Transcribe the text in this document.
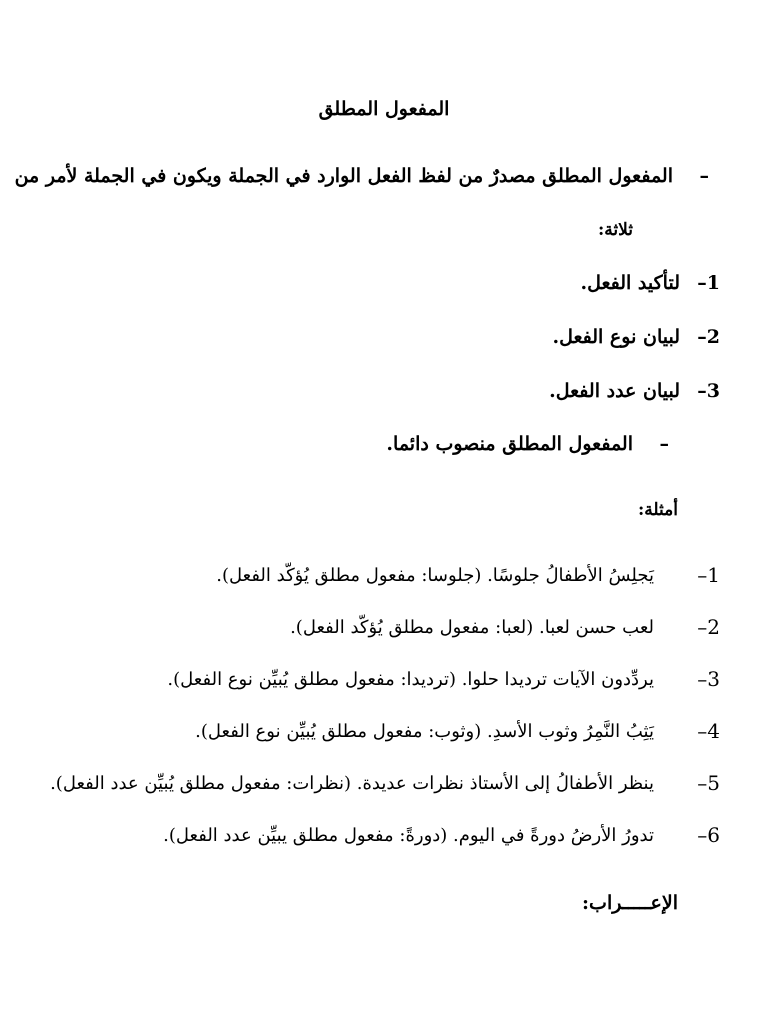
المفعول المطلق
–
المفعول المطلق مصدرٌ من لفظ الفعل الوارد في الجملة ويكون في الجملة لأمر من
ثلاثة:
1–
لتأكيد الفعل.
2–
لبيان نوع الفعل.
3–
لبيان عدد الفعل.
–
المفعول المطلق منصوب دائما.
أمثلة:
1–
يَجلِسُ الأطفالُ جلوسًا. (جلوسا: مفعول مطلق يُؤكّد الفعل).
2–
لعب حسن لعبا. (لعبا: مفعول مطلق يُؤكّد الفعل).
3–
يردِّدون الآيات ترديدا حلوا. (ترديدا: مفعول مطلق يُبيِّن نوع الفعل).
4–
يَثِبُ النَّمِرُ وثوب الأسدِ. (وثوب: مفعول مطلق يُبيِّن نوع الفعل).
5–
ينظر الأطفالُ إلى الأستاذ نظرات عديدة. (نظرات: مفعول مطلق يُبيِّن عدد الفعل).
6–
تدورُ الأرضُ دورةً في اليوم. (دورةً: مفعول مطلق يبيِّن عدد الفعل).
الإعـــــراب:
